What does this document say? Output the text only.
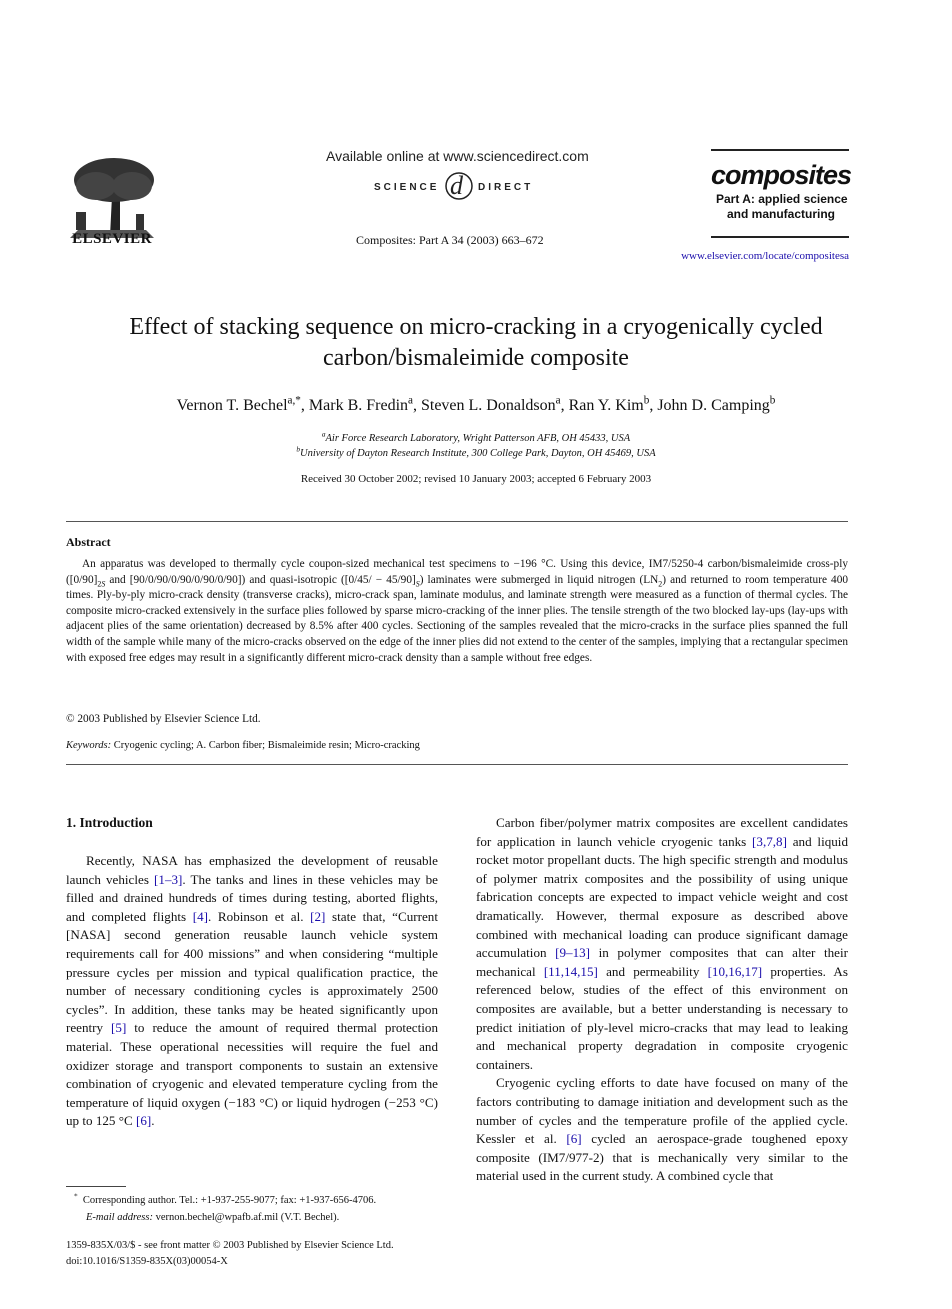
ELSEVIER
Available online at www.sciencedirect.com
SCIENCE d DIRECT
Composites: Part A 34 (2003) 663–672
composites
Part A: applied science
and manufacturing
www.elsevier.com/locate/compositesa
Effect of stacking sequence on micro-cracking in a cryogenically cycled
carbon/bismaleimide composite
Vernon T. Bechel$^{a,*}$, Mark B. Fredin$^a$, Steven L. Donaldson$^a$, Ran Y. Kim$^b$, John D. Camping$^b$
$^a$Air Force Research Laboratory, Wright Patterson AFB, OH 45433, USA
$^b$University of Dayton Research Institute, 300 College Park, Dayton, OH 45469, USA
Received 30 October 2002; revised 10 January 2003; accepted 6 February 2003
Abstract

An apparatus was developed to thermally cycle coupon-sized mechanical test specimens to −196 °C. Using this device, IM7/5250-4 carbon/bismaleimide cross-ply ($[0/90]_{2S}$ and [90/0/90/0/90/0/90/0/90]) and quasi-isotropic $([0/45/ - 45/90]_S)$ laminates were submerged in liquid nitrogen $(LN_2)$ and returned to room temperature 400 times. Ply-by-ply micro-crack density (transverse cracks), micro-crack span, laminate modulus, and laminate strength were measured as a function of thermal cycles. The composite micro-cracked extensively in the surface plies followed by sparse micro-cracking of the inner plies. The tensile strength of the two blocked lay-ups (lay-ups with adjacent plies of the same orientation) decreased by 8.5% after 400 cycles. Sectioning of the samples revealed that the micro-cracks in the surface plies spanned the full width of the sample while many of the micro-cracks observed on the edge of the inner plies did not extend to the center of the samples, implying that a rectangular specimen with exposed free edges may result in a significantly different micro-crack density than a sample without free edges.

© 2003 Published by Elsevier Science Ltd.
Keywords: Cryogenic cycling; A. Carbon fiber; Bismaleimide resin; Micro-cracking
1. Introduction

Recently, NASA has emphasized the development of reusable launch vehicles [1–3]. The tanks and lines in these vehicles may be filled and drained hundreds of times during testing, aborted flights, and completed flights [4]. Robinson et al. [2] state that, “Current [NASA] second generation reusable launch vehicle system requirements call for 400 missions” and when considering “multiple pressure cycles per mission and typical qualification practice, the number of necessary conditioning cycles is approximately 2500 cycles”. In addition, these tanks may be heated significantly upon reentry [5] to reduce the amount of required thermal protection material. These operational necessities will require the fuel and oxidizer storage and transport components to sustain an extensive combination of cryogenic and elevated temperature cycling from the temperature of liquid oxygen (−183 °C) or liquid hydrogen (−253 °C) up to 125 °C [6].

Carbon fiber/polymer matrix composites are excellent candidates for application in launch vehicle cryogenic tanks [3,7,8] and liquid rocket motor propellant ducts. The high specific strength and modulus of polymer matrix composites and the possibility of using unique fabrication concepts are expected to impact vehicle weight and cost dramatically. However, thermal exposure as described above combined with mechanical loading can produce significant damage accumulation [9–13] in polymer composites that can alter their mechanical [11,14,15] and permeability [10,16,17] properties. As referenced below, studies of the effect of this environment on composites are available, but a better understanding is necessary to predict initiation of ply-level micro-cracks that may lead to leaking and mechanical property degradation in composite cryogenic containers.

Cryogenic cycling efforts to date have focused on many of the factors contributing to damage initiation and development such as the number of cycles and the temperature profile of the applied cycle. Kessler et al. [6] cycled an aerospace-grade toughened epoxy composite (IM7/977-2) that is mechanically very similar to the material used in the current study. A combined cycle that

* Corresponding author. Tel.: +1-937-255-9077; fax: +1-937-656-4706.
E-mail address: vernon.bechel@wpafb.af.mil (V.T. Bechel).
1359-835X/03/$ - see front matter © 2003 Published by Elsevier Science Ltd.
doi:10.1016/S1359-835X(03)00054-X
